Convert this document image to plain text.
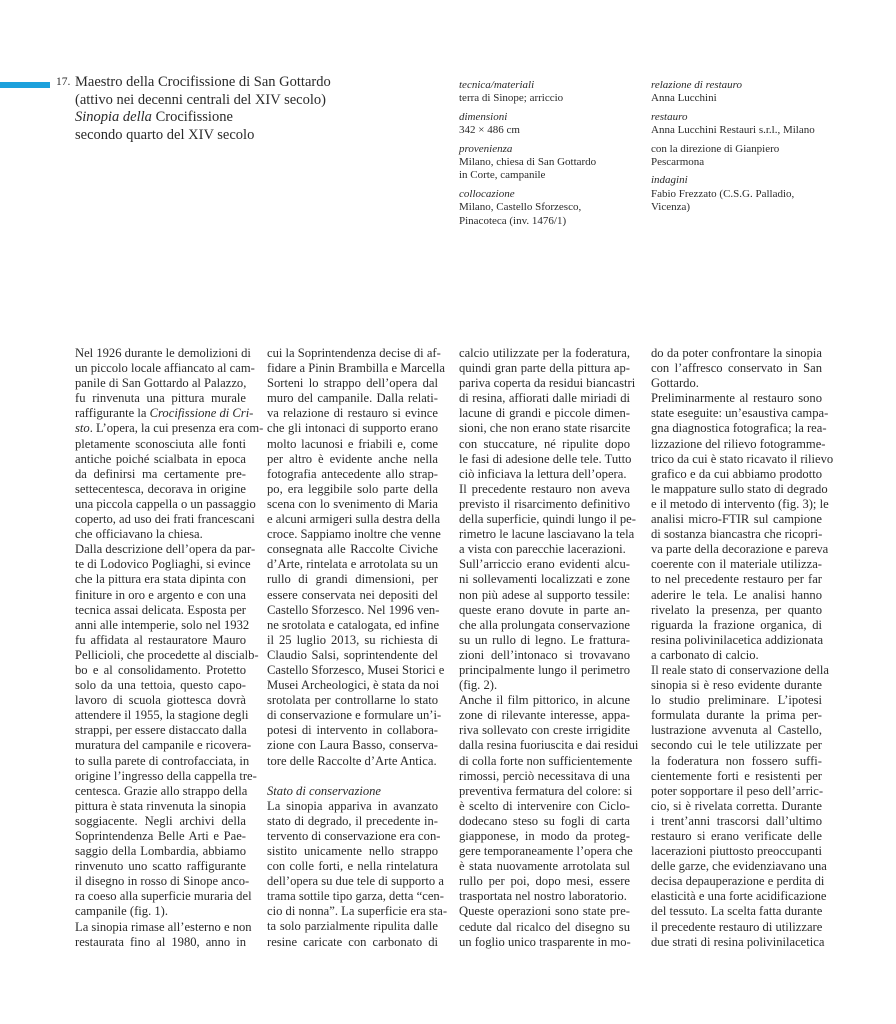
17. Maestro della Crocifissione di San Gottardo
(attivo nei decenni centrali del XIV secolo)
Sinopia della Crocifissione
secondo quarto del XIV secolo
tecnica/materiali
terra di Sinope; arriccio
dimensioni
342 × 486 cm
provenienza
Milano, chiesa di San Gottardo
in Corte, campanile
collocazione
Milano, Castello Sforzesco,
Pinacoteca (inv. 1476/1)
relazione di restauro
Anna Lucchini
restauro
Anna Lucchini Restauri s.r.l., Milano
con la direzione di Gianpiero
Pescarmona
indagini
Fabio Frezzato (C.S.G. Palladio,
Vicenza)
Nel 1926 durante le demolizioni di
un piccolo locale affiancato al cam-
panile di San Gottardo al Palazzo,
fu rinvenuta una pittura murale
raffigurante la Crocifissione di Cri-
sto. L’opera, la cui presenza era com-
pletamente sconosciuta alle fonti
antiche poiché scialbata in epoca
da definirsi ma certamente pre-
settecentesca, decorava in origine
una piccola cappella o un passaggio
coperto, ad uso dei frati francescani
che officiavano la chiesa.
Dalla descrizione dell’opera da par-
te di Lodovico Pogliaghi, si evince
che la pittura era stata dipinta con
finiture in oro e argento e con una
tecnica assai delicata. Esposta per
anni alle intemperie, solo nel 1932
fu affidata al restauratore Mauro
Pellicioli, che procedette al discialb-
bo e al consolidamento. Protetto
solo da una tettoia, questo capo-
lavoro di scuola giottesca dovrà
attendere il 1955, la stagione degli
strappi, per essere distaccato dalla
muratura del campanile e ricovera-
to sulla parete di controfacciata, in
origine l’ingresso della cappella tre-
centesca. Grazie allo strappo della
pittura è stata rinvenuta la sinopia
soggiacente. Negli archivi della
Soprintendenza Belle Arti e Pae-
saggio della Lombardia, abbiamo
rinvenuto uno scatto raffigurante
il disegno in rosso di Sinope anco-
ra coeso alla superficie muraria del
campanile (fig. 1).
La sinopia rimase all’esterno e non
restaurata fino al 1980, anno in
cui la Soprintendenza decise di af-
fidare a Pinin Brambilla e Marcella
Sorteni lo strappo dell’opera dal
muro del campanile. Dalla relati-
va relazione di restauro si evince
che gli intonaci di supporto erano
molto lacunosi e friabili e, come
per altro è evidente anche nella
fotografia antecedente allo strap-
po, era leggibile solo parte della
scena con lo svenimento di Maria
e alcuni armigeri sulla destra della
croce. Sappiamo inoltre che venne
consegnata alle Raccolte Civiche
d’Arte, rintelata e arrotolata su un
rullo di grandi dimensioni, per
essere conservata nei depositi del
Castello Sforzesco. Nel 1996 ven-
ne srotolata e catalogata, ed infine
il 25 luglio 2013, su richiesta di
Claudio Salsi, soprintendente del
Castello Sforzesco, Musei Storici e
Musei Archeologici, è stata da noi
srotolata per controllarne lo stato
di conservazione e formulare un’i-
potesi di intervento in collabora-
zione con Laura Basso, conserva-
tore delle Raccolte d’Arte Antica.
Stato di conservazione
La sinopia appariva in avanzato
stato di degrado, il precedente in-
tervento di conservazione era con-
sistito unicamente nello strappo
con colle forti, e nella rintelatura
dell’opera su due tele di supporto a
trama sottile tipo garza, detta “cen-
cio di nonna”. La superficie era sta-
ta solo parzialmente ripulita dalle
resine caricate con carbonato di
calcio utilizzate per la foderatura,
quindi gran parte della pittura ap-
pariva coperta da residui biancastri
di resina, affiorati dalle miriadi di
lacune di grandi e piccole dimen-
sioni, che non erano state risarcite
con stuccature, né ripulite dopo
le fasi di adesione delle tele. Tutto
ciò inficiava la lettura dell’opera.
Il precedente restauro non aveva
previsto il risarcimento definitivo
della superficie, quindi lungo il pe-
rimetro le lacune lasciavano la tela
a vista con parecchie lacerazioni.
Sull’arriccio erano evidenti alcu-
ni sollevamenti localizzati e zone
non più adese al supporto tessile:
queste erano dovute in parte an-
che alla prolungata conservazione
su un rullo di legno. Le frattura-
zioni dell’intonaco si trovavano
principalmente lungo il perimetro
(fig. 2).
Anche il film pittorico, in alcune
zone di rilevante interesse, appa-
riva sollevato con creste irrigidite
dalla resina fuoriuscita e dai residui
di colla forte non sufficientemente
rimossi, perciò necessitava di una
preventiva fermatura del colore: si
è scelto di intervenire con Ciclo-
dodecano steso su fogli di carta
giapponese, in modo da proteg-
gere temporaneamente l’opera che
è stata nuovamente arrotolata sul
rullo per poi, dopo mesi, essere
trasportata nel nostro laboratorio.
Queste operazioni sono state pre-
cedute dal ricalco del disegno su
un foglio unico trasparente in mo-
do da poter confrontare la sinopia
con l’affresco conservato in San
Gottardo.
Preliminarmente al restauro sono
state eseguite: un’esaustiva campa-
gna diagnostica fotografica; la rea-
lizzazione del rilievo fotogramme-
trico da cui è stato ricavato il rilievo
grafico e da cui abbiamo prodotto
le mappature sullo stato di degrado
e il metodo di intervento (fig. 3); le
analisi micro-FTIR sul campione
di sostanza biancastra che ricopri-
va parte della decorazione e pareva
coerente con il materiale utilizza-
to nel precedente restauro per far
aderire le tela. Le analisi hanno
rivelato la presenza, per quanto
riguarda la frazione organica, di
resina polivinilacetica addizionata
a carbonato di calcio.
Il reale stato di conservazione della
sinopia si è reso evidente durante
lo studio preliminare. L’ipotesi
formulata durante la prima per-
lustrazione avvenuta al Castello,
secondo cui le tele utilizzate per
la foderatura non fossero suffi-
cientemente forti e resistenti per
poter sopportare il peso dell’arric-
cio, si è rivelata corretta. Durante
i trent’anni trascorsi dall’ultimo
restauro si erano verificate delle
lacerazioni piuttosto preoccupanti
delle garze, che evidenziavano una
decisa depauperazione e perdita di
elasticità e una forte acidificazione
del tessuto. La scelta fatta durante
il precedente restauro di utilizzare
due strati di resina polivinilacetica
